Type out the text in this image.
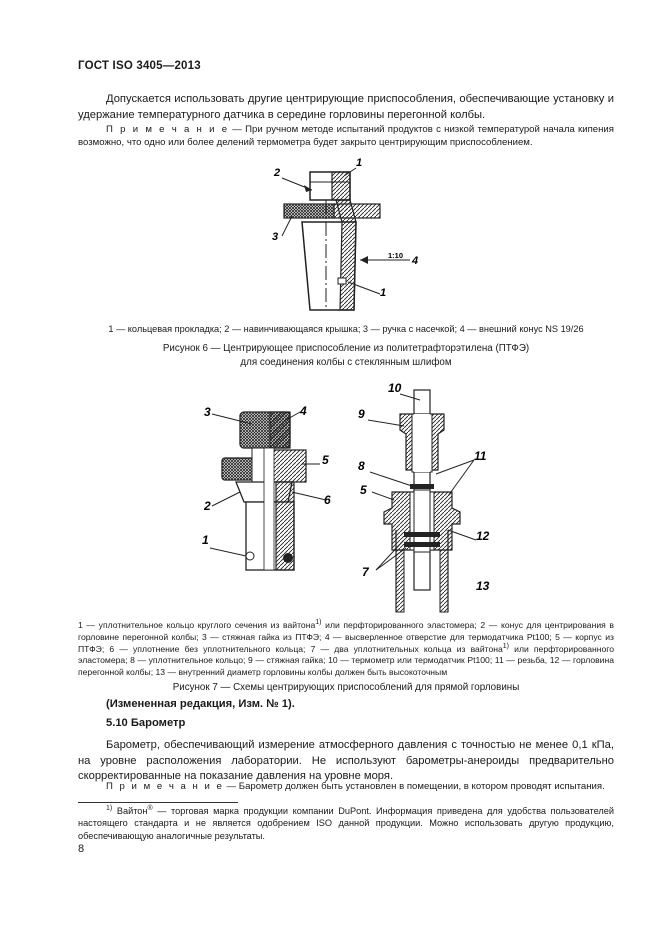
ГОСТ ISO 3405—2013
Допускается использовать другие центрирующие приспособления, обеспечивающие установку и удержание температурного датчика в середине горловины перегонной колбы.
П р и м е ч а н и е — При ручном методе испытаний продуктов с низкой температурой начала кипения возможно, что одно или более делений термометра будет закрыто центрирующим приспособлением.
2
1
3
1:10 4
1
1 — кольцевая прокладка; 2 — навинчивающаяся крышка; 3 — ручка с насечкой; 4 — внешний конус NS 19/26
Рисунок 6 — Центрирующее приспособление из политетрафторэтилена (ПТФЭ)
для соединения колбы с стеклянным шлифом
3	4
5
2	6
1
10
9
11
8
5
12
7
13
1 — уплотнительное кольцо круглого сечения из вайтона$^{1)}$ или перфторированного эластомера; 2 — конус для центрирования в горловине перегонной колбы; 3 — стяжная гайка из ПТФЭ; 4 — высверленное отверстие для термодатчика Pt100; 5 — корпус из ПТФЭ; 6 — уплотнение без уплотнительного кольца; 7 — два уплотнительных кольца из вайтона$^{1)}$ или перфторированного эластомера; 8 — уплотнительное кольцо; 9 — стяжная гайка; 10 — термометр или термодатчик Pt100; 11 — резьба, 12 — горловина перегонной колбы; 13 — внутренний диаметр горловины колбы должен быть высокоточным
Рисунок 7 — Схемы центрирующих приспособлений для прямой горловины
(Измененная редакция, Изм. № 1).
5.10 Барометр
Барометр, обеспечивающий измерение атмосферного давления с точностью не менее 0,1 кПа, на уровне расположения лаборатории. Не используют барометры-анероиды предварительно скорректированные на показание давления на уровне моря.
П р и м е ч а н и е — Барометр должен быть установлен в помещении, в котором проводят испытания.
$^{1)}$ Вайтон® — торговая марка продукции компании DuPont. Информация приведена для удобства пользователей настоящего стандарта и не является одобрением ISO данной продукции. Можно использовать другую продукцию, обеспечивающую аналогичные результаты.
8
